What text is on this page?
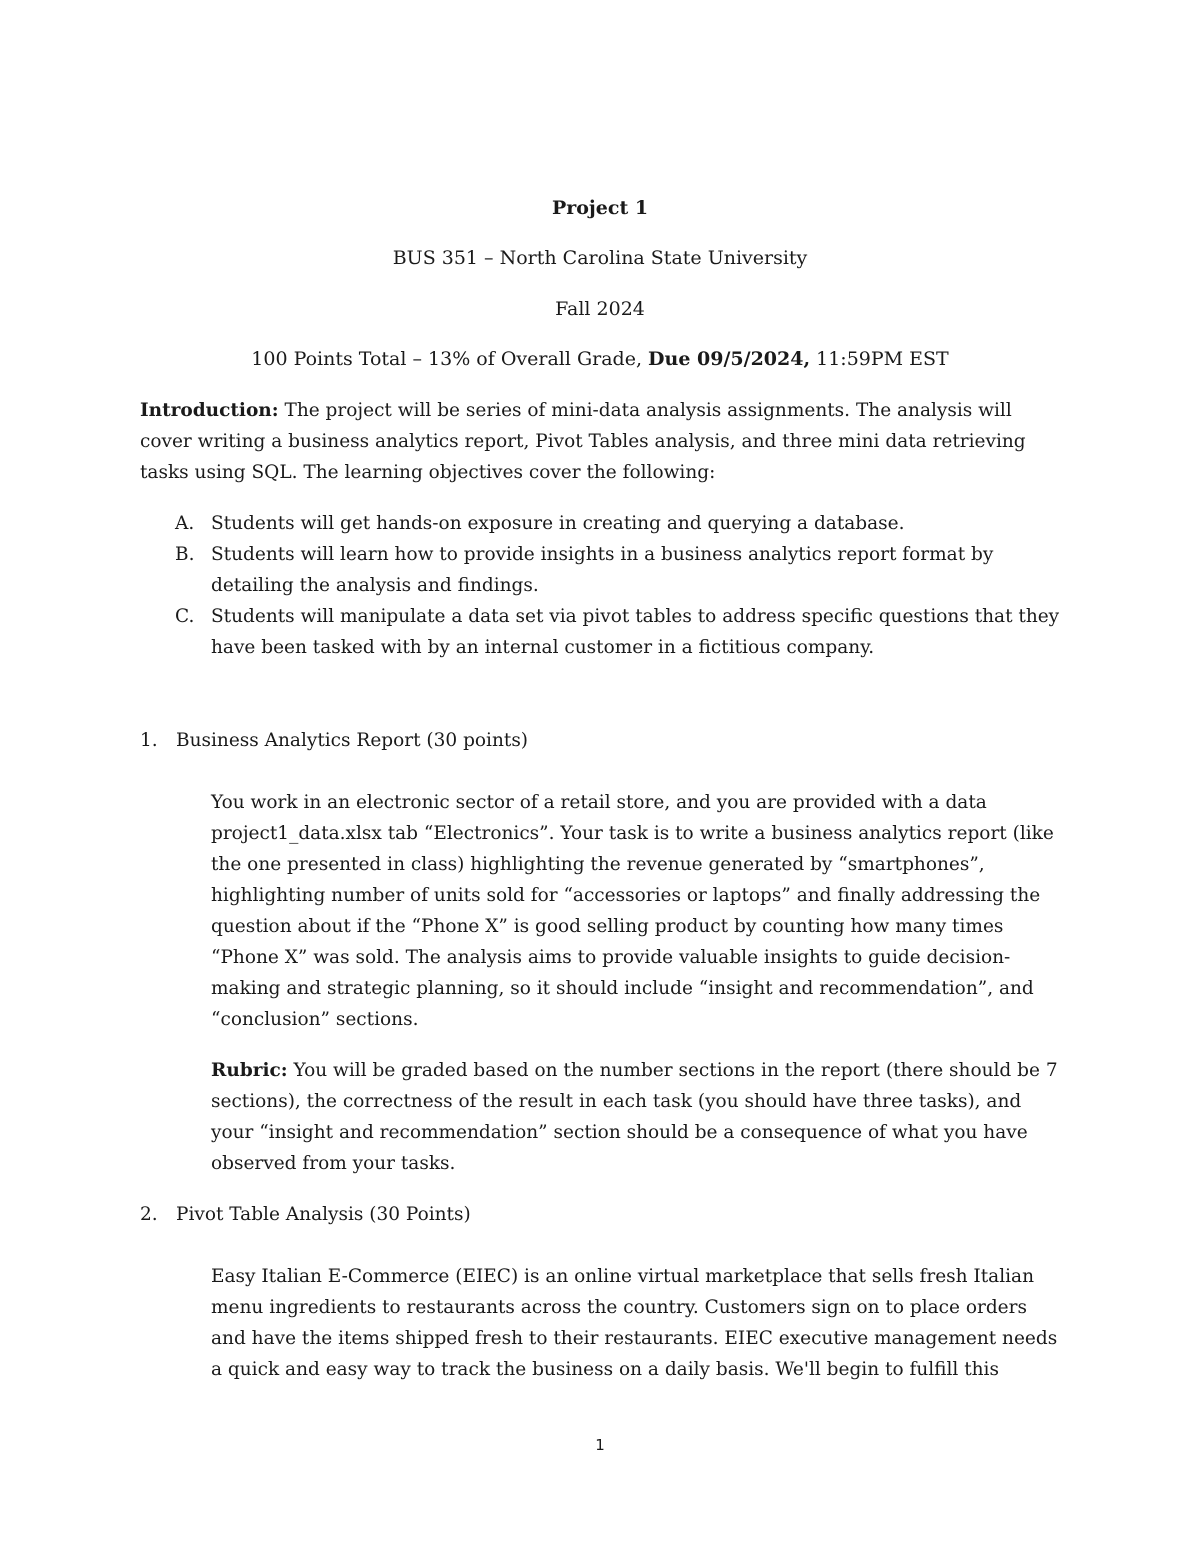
Project 1
BUS 351 – North Carolina State University
Fall 2024
100 Points Total – 13% of Overall Grade, Due 09/5/2024, 11:59PM EST

Introduction: The project will be series of mini-data analysis assignments. The analysis will cover writing a business analytics report, Pivot Tables analysis, and three mini data retrieving tasks using SQL. The learning objectives cover the following:

A. Students will get hands-on exposure in creating and querying a database.
B. Students will learn how to provide insights in a business analytics report format by detailing the analysis and findings.
C. Students will manipulate a data set via pivot tables to address specific questions that they have been tasked with by an internal customer in a fictitious company.
1. Business Analytics Report (30 points)
You work in an electronic sector of a retail store, and you are provided with a data project1_data.xlsx tab “Electronics”. Your task is to write a business analytics report (like the one presented in class) highlighting the revenue generated by “smartphones”, highlighting number of units sold for “accessories or laptops” and finally addressing the question about if the “Phone X” is good selling product by counting how many times “Phone X” was sold. The analysis aims to provide valuable insights to guide decision-making and strategic planning, so it should include “insight and recommendation”, and “conclusion” sections.
Rubric: You will be graded based on the number sections in the report (there should be 7 sections), the correctness of the result in each task (you should have three tasks), and your “insight and recommendation” section should be a consequence of what you have observed from your tasks.
2. Pivot Table Analysis (30 Points)
Easy Italian E-Commerce (EIEC) is an online virtual marketplace that sells fresh Italian menu ingredients to restaurants across the country. Customers sign on to place orders and have the items shipped fresh to their restaurants. EIEC executive management needs a quick and easy way to track the business on a daily basis. We'll begin to fulfill this
1
